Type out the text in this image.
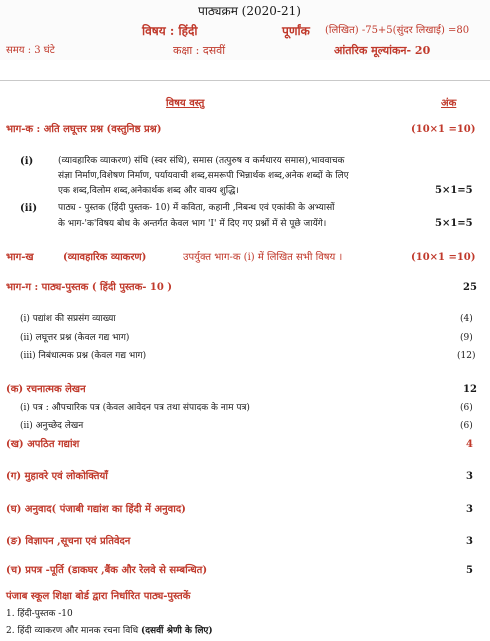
पाठ्यक्रम (2020-21)
विषय : हिंदी	पूर्णांक (लिखित) -75+5(सुंदर लिखाई) =80
समय : 3 घंटे	कक्षा : दसवीं	आंतरिक मूल्यांकन- 20
विषय वस्तु	अंक
भाग-क : अति लघूत्तर प्रश्न (वस्तुनिष्ठ प्रश्न)	(10×1 =10)
(i)	(व्यावहारिक व्याकरण) संधि (स्वर संधि), समास (तत्पुरुष व कर्मधारय समास),भाववाचक
संज्ञा निर्माण,विशेषण निर्माण, पर्यायवाची शब्द,समरूपी भिन्नार्थक शब्द,अनेक शब्दों के लिए
एक शब्द,विलोम शब्द,अनेकार्थक शब्द और वाक्य शुद्धि।	5×1=5
(ii) पाठ्य - पुस्तक (हिंदी पुस्तक- 10) में कविता, कहानी ,निबन्ध एवं एकांकी के अभ्यासों
के भाग-'क'विषय बोध के अन्तर्गत केवल भाग 'I' में दिए गए प्रश्नों में से पूछे जायेंगे।	5×1=5
भाग-ख	(व्यावहारिक व्याकरण)	उपर्युक्त भाग-क (i) में लिखित सभी विषय ।	(10×1 =10)
भाग-ग : पाठ्य-पुस्तक ( हिंदी पुस्तक- 10 )	25
(i) पद्यांश की सप्रसंग व्याख्या	(4)
(ii) लघूत्तर प्रश्न (केवल गद्य भाग)	(9)
(iii) निबंधात्मक प्रश्न (केवल गद्य भाग)	(12)
(क) रचनात्मक लेखन	12
(i) पत्र : औपचारिक पत्र (केवल आवेदन पत्र तथा संपादक के नाम पत्र)	(6)
(ii) अनुच्छेद लेखन	(6)
(ख) अपठित गद्यांश	4
(ग) मुहावरे एवं लोकोक्तियाँ	3
(घ) अनुवाद( पंजाबी गद्यांश का हिंदी में अनुवाद)	3
(ङ) विज्ञापन ,सूचना एवं प्रतिवेदन	3
(च) प्रपत्र -पूर्ति (डाकघर ,बैंक और रेलवे से सम्बन्धित)	5
पंजाब स्कूल शिक्षा बोर्ड द्वारा निर्धारित पाठ्य-पुस्तकें
1. हिंदी-पुस्तक -10
2. हिंदी व्याकरण और मानक रचना विधि (दसवीं श्रेणी के लिए)
